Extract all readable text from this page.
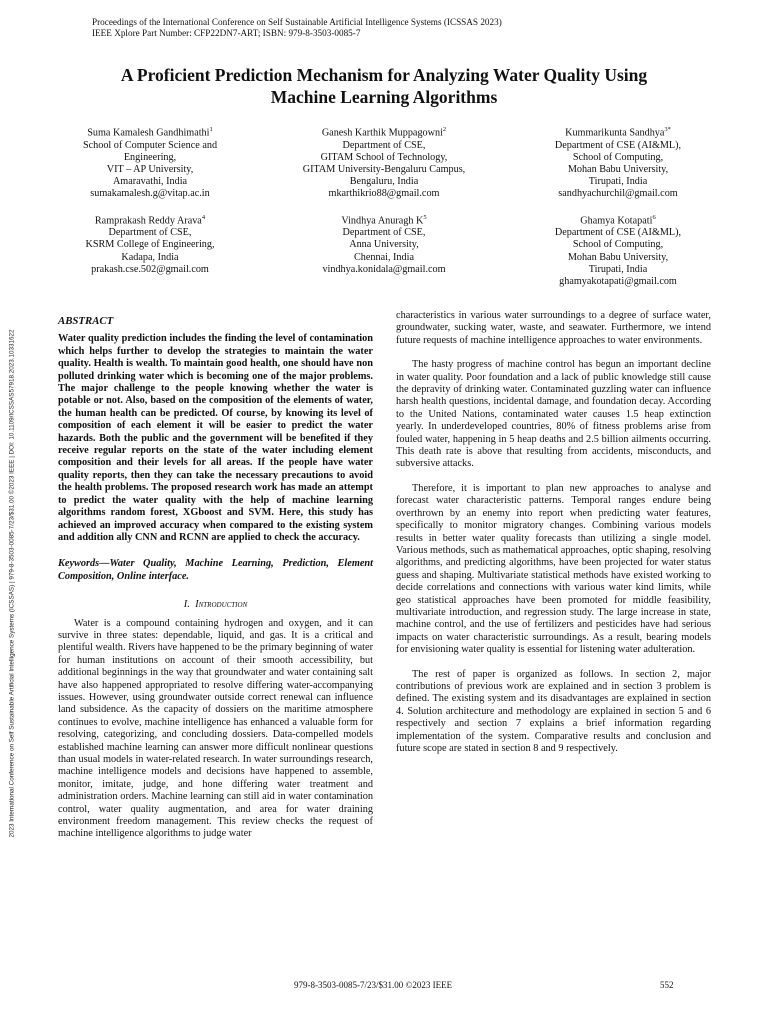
Proceedings of the International Conference on Self Sustainable Artificial Intelligence Systems (ICSSAS 2023)
IEEE Xplore Part Number: CFP22DN7-ART; ISBN: 979-8-3503-0085-7
A Proficient Prediction Mechanism for Analyzing Water Quality Using
Machine Learning Algorithms
Suma Kamalesh Gandhimathi$^1$
School of Computer Science and
Engineering,
VIT – AP University,
Amaravathi, India
sumakamalesh.g@vitap.ac.in
Ganesh Karthik Muppagowni$^2$
Department of CSE,
GITAM School of Technology,
GITAM University-Bengaluru Campus,
Bengaluru, India
mkarthikrio88@gmail.com
Kummarikunta Sandhya$^{3*}$
Department of CSE (AI&ML),
School of Computing,
Mohan Babu University,
Tirupati, India
sandhyachurchil@gmail.com
Ramprakash Reddy Arava$^4$
Department of CSE,
KSRM College of Engineering,
Kadapa, India
prakash.cse.502@gmail.com
Vindhya Anuragh $K^5$
Department of CSE,
Anna University,
Chennai, India
vindhya.konidala@gmail.com
Ghamya Kotapati$^6$
Department of CSE (AI&ML),
School of Computing,
Mohan Babu University,
Tirupati, India
ghamyakotapati@gmail.com
2023 International Conference on Self Sustainable Artificial Intelligence Systems (ICSSAS) | 979-8-3503-0085-7/23/$31.00 ©2023 IEEE | DOI: 10.1109/ICSSAS57918.2023.10331622
ABSTRACT

Water quality prediction includes the finding the level of contamination which helps further to develop the strategies to maintain the water quality. Health is wealth. To maintain good health, one should have non polluted drinking water which is becoming one of the major problems. The major challenge to the people knowing whether the water is potable or not. Also, based on the composition of the elements of water, the human health can be predicted. Of course, by knowing its level of composition of each element it will be easier to predict the water hazards. Both the public and the government will be benefited if they receive regular reports on the state of the water including element composition and their levels for all areas. If the people have water quality reports, then they can take the necessary precautions to avoid the health problems. The proposed research work has made an attempt to predict the water quality with the help of machine learning algorithms random forest, XGboost and SVM. Here, this study has achieved an improved accuracy when compared to the existing system and addition ally CNN and RCNN are applied to check the accuracy.

Keywords—Water Quality, Machine Learning, Prediction, Element Composition, Online interface.

I. Introduction

Water is a compound containing hydrogen and oxygen, and it can survive in three states: dependable, liquid, and gas. It is a critical and plentiful wealth. Rivers have happened to be the primary beginning of water for human institutions on account of their smooth accessibility, but additional beginnings in the way that groundwater and water containing salt have also happened appropriated to resolve differing water-accompanying issues. However, using groundwater outside correct renewal can influence land subsidence. As the capacity of dossiers on the maritime atmosphere continues to evolve, machine intelligence has enhanced a valuable form for resolving, categorizing, and concluding dossiers. Data-compelled models established machine learning can answer more difficult nonlinear questions than usual models in water-related research. In water surroundings research, machine intelligence models and decisions have happened to assemble, monitor, imitate, judge, and hone differing water treatment and administration orders. Machine learning can still aid in water contamination control, water quality augmentation, and area for water draining environment freedom management. This review checks the request of machine intelligence algorithms to judge water

characteristics in various water surroundings to a degree of surface water, groundwater, sucking water, waste, and seawater. Furthermore, we intend future requests of machine intelligence approaches to water environments.

The hasty progress of machine control has begun an important decline in water quality. Poor foundation and a lack of public knowledge still cause the depravity of drinking water. Contaminated guzzling water can influence harsh health questions, incidental damage, and foundation decay. According to the United Nations, contaminated water causes 1.5 heap extinction yearly. In underdeveloped countries, 80% of fitness problems arise from fouled water, happening in 5 heap deaths and 2.5 billion ailments occurring. This death rate is above that resulting from accidents, misconducts, and subversive attacks.

Therefore, it is important to plan new approaches to analyse and forecast water characteristic patterns. Temporal ranges endure being overthrown by an enemy into report when predicting water features, specifically to monitor migratory changes. Combining various models results in better water quality forecasts than utilizing a single model. Various methods, such as mathematical approaches, optic shaping, resolving algorithms, and predicting algorithms, have been projected for water status guess and shaping. Multivariate statistical methods have existed working to decide correlations and connections with various water kind limits, while geo statistical approaches have been promoted for middle feasibility, multivariate introduction, and regression study. The large increase in state, machine control, and the use of fertilizers and pesticides have had serious impacts on water characteristic surroundings. As a result, bearing models for envisioning water quality is essential for listening water adulteration.

The rest of paper is organized as follows. In section 2, major contributions of previous work are explained and in section 3 problem is defined. The existing system and its disadvantages are explained in section 4. Solution architecture and methodology are explained in section 5 and 6 respectively and section 7 explains a brief information regarding implementation of the system. Comparative results and conclusion and future scope are stated in section 8 and 9 respectively.

979-8-3503-0085-7/23/$31.00 ©2023 IEEE	552
